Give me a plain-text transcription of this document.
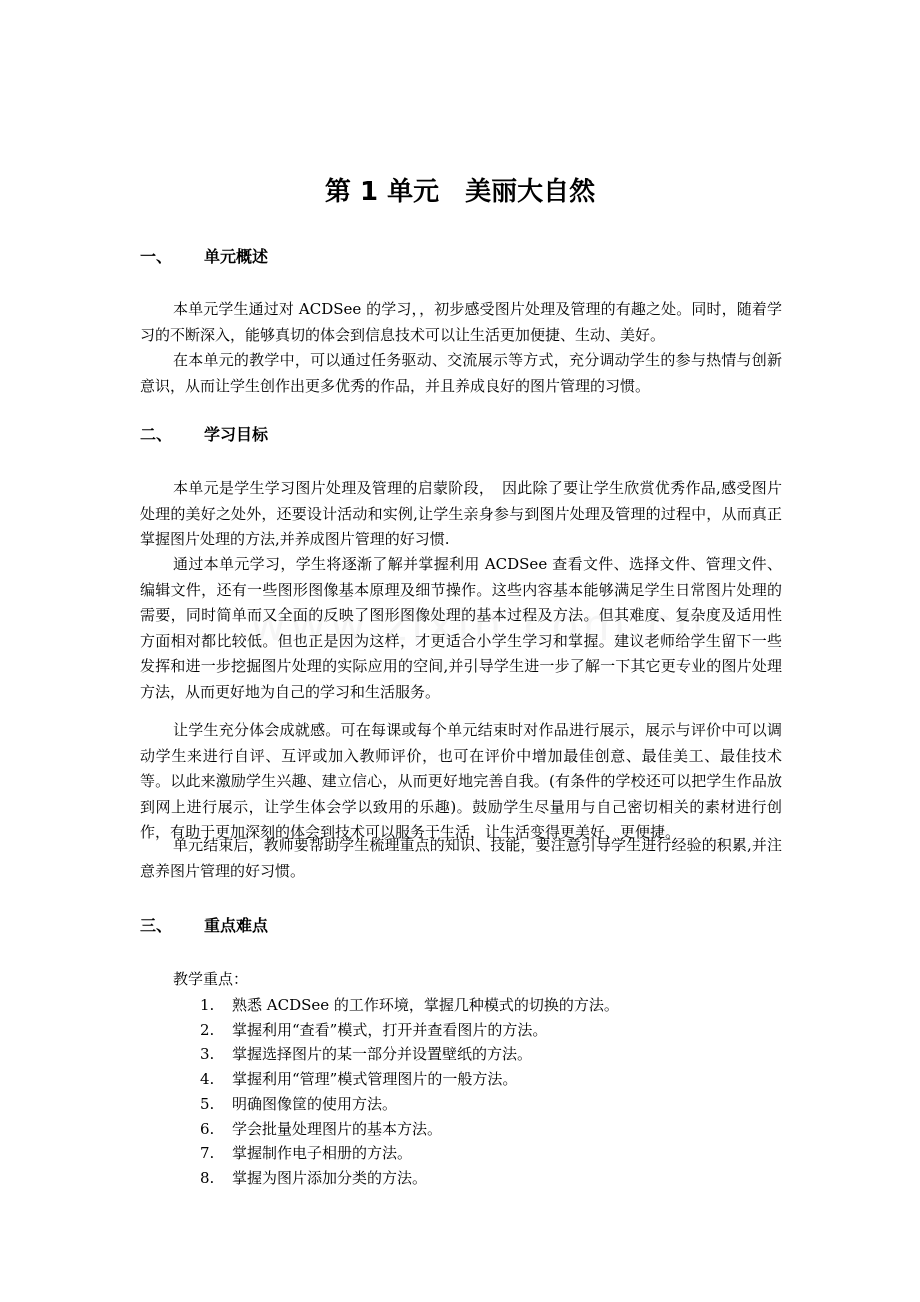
第 1 单元　美丽大自然
一、 单元概述

本单元学生通过对 ACDSee 的学习，，初步感受图片处理及管理的有趣之处。同时，随着学习的不断深入，能够真切的体会到信息技术可以让生活更加便捷、生动、美好。

在本单元的教学中，可以通过任务驱动、交流展示等方式，充分调动学生的参与热情与创新意识，从而让学生创作出更多优秀的作品，并且养成良好的图片管理的习惯。

二、 学习目标

本单元是学生学习图片处理及管理的启蒙阶段，　因此除了要让学生欣赏优秀作品,感受图片处理的美好之处外，还要设计活动和实例,让学生亲身参与到图片处理及管理的过程中，从而真正掌握图片处理的方法,并养成图片管理的好习惯.

通过本单元学习，学生将逐渐了解并掌握利用 ACDSee 查看文件、选择文件、管理文件、编辑文件，还有一些图形图像基本原理及细节操作。这些内容基本能够满足学生日常图片处理的需要，同时简单而又全面的反映了图形图像处理的基本过程及方法。但其难度、复杂度及适用性方面相对都比较低。但也正是因为这样，才更适合小学生学习和掌握。建议老师给学生留下一些发挥和进一步挖掘图片处理的实际应用的空间,并引导学生进一步了解一下其它更专业的图片处理方法，从而更好地为自己的学习和生活服务。

让学生充分体会成就感。可在每课或每个单元结束时对作品进行展示，展示与评价中可以调动学生来进行自评、互评或加入教师评价，也可在评价中增加最佳创意、最佳美工、最佳技术等。以此来激励学生兴趣、建立信心，从而更好地完善自我。(有条件的学校还可以把学生作品放到网上进行展示，让学生体会学以致用的乐趣)。鼓励学生尽量用与自己密切相关的素材进行创作，有助于更加深刻的体会到技术可以服务于生活，让生活变得更美好、更便捷。

单元结束后，教师要帮助学生梳理重点的知识、技能，要注意引导学生进行经验的积累,并注意养图片管理的好习惯。

三、 重点难点

教学重点：

1. 熟悉 ACDSee 的工作环境，掌握几种模式的切换的方法。
2. 掌握利用“查看”模式，打开并查看图片的方法。
3. 掌握选择图片的某一部分并设置壁纸的方法。
4. 掌握利用“管理”模式管理图片的一般方法。
5. 明确图像筐的使用方法。
6. 学会批量处理图片的基本方法。
7. 掌握制作电子相册的方法。
8. 掌握为图片添加分类的方法。
